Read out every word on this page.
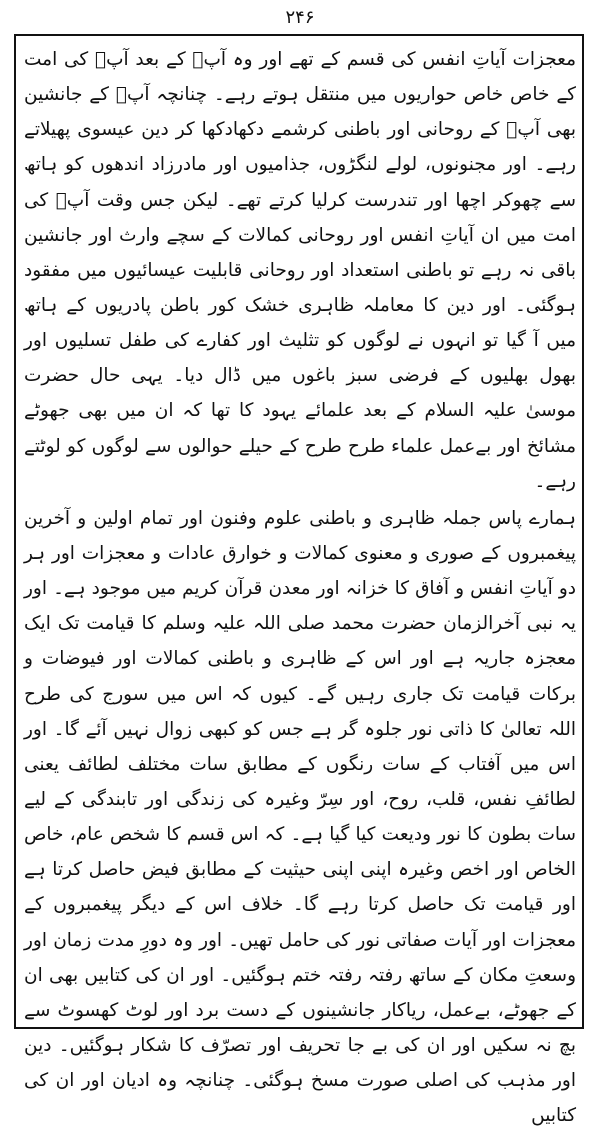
۲۴۶

معجزات آیاتِ انفس کی قسم کے تھے اور وہ آپؑ کے بعد آپؑ کی امت کے خاص خاص حواریوں میں منتقل ہوتے رہے۔ چنانچہ آپؑ کے جانشین بھی آپؑ کے روحانی اور باطنی کرشمے دکھادکھا کر دین عیسوی پھیلاتے رہے۔ اور مجنونوں، لولے لنگڑوں، جذامیوں اور مادرزاد اندھوں کو ہاتھ سے چھوکر اچھا اور تندرست کرلیا کرتے تھے۔ لیکن جس وقت آپؑ کی امت میں ان آیاتِ انفس اور روحانی کمالات کے سچے وارث اور جانشین باقی نہ رہے تو باطنی استعداد اور روحانی قابلیت عیسائیوں میں مفقود ہوگئی۔ اور دین کا معاملہ ظاہری خشک کور باطن پادریوں کے ہاتھ میں آ گیا تو انہوں نے لوگوں کو تثلیث اور کفارے کی طفل تسلیوں اور بھول بھلیوں کے فرضی سبز باغوں میں ڈال دیا۔ یہی حال حضرت موسیٰ علیہ السلام کے بعد علمائے یہود کا تھا کہ ان میں بھی جھوٹے مشائخ اور بےعمل علماء طرح طرح کے حیلے حوالوں سے لوگوں کو لوٹتے رہے۔

ہمارے پاس جملہ ظاہری و باطنی علوم وفنون اور تمام اولین و آخرین پیغمبروں کے صوری و معنوی کمالات و خوارق عادات و معجزات اور ہر دو آیاتِ انفس و آفاق کا خزانہ اور معدن قرآن کریم میں موجود ہے۔ اور یہ نبی آخرالزمان حضرت محمد صلی اللہ علیہ وسلم کا قیامت تک ایک معجزہ جاریہ ہے اور اس کے ظاہری و باطنی کمالات اور فیوضات و برکات قیامت تک جاری رہیں گے۔ کیوں کہ اس میں سورج کی طرح اللہ تعالیٰ کا ذاتی نور جلوہ گر ہے جس کو کبھی زوال نہیں آئے گا۔ اور اس میں آفتاب کے سات رنگوں کے مطابق سات مختلف لطائف یعنی لطائفِ نفس، قلب، روح، اور سِرّ وغیرہ کی زندگی اور تابندگی کے لیے سات بطون کا نور ودیعت کیا گیا ہے۔ کہ اس قسم کا شخص عام، خاص الخاص اور اخص وغیرہ اپنی اپنی حیثیت کے مطابق فیض حاصل کرتا ہے اور قیامت تک حاصل کرتا رہے گا۔ خلاف اس کے دیگر پیغمبروں کے معجزات اور آیات صفاتی نور کی حامل تھیں۔ اور وہ دورِ مدت زمان اور وسعتِ مکان کے ساتھ رفتہ رفتہ ختم ہوگئیں۔ اور ان کی کتابیں بھی ان کے جھوٹے، بےعمل، ریاکار جانشینوں کے دست برد اور لوٹ کھسوٹ سے بچ نہ سکیں اور ان کی بے جا تحریف اور تصرّف کا شکار ہوگئیں۔ دین اور مذہب کی اصلی صورت مسخ ہوگئی۔ چنانچہ وہ ادیان اور ان کی کتابیں
